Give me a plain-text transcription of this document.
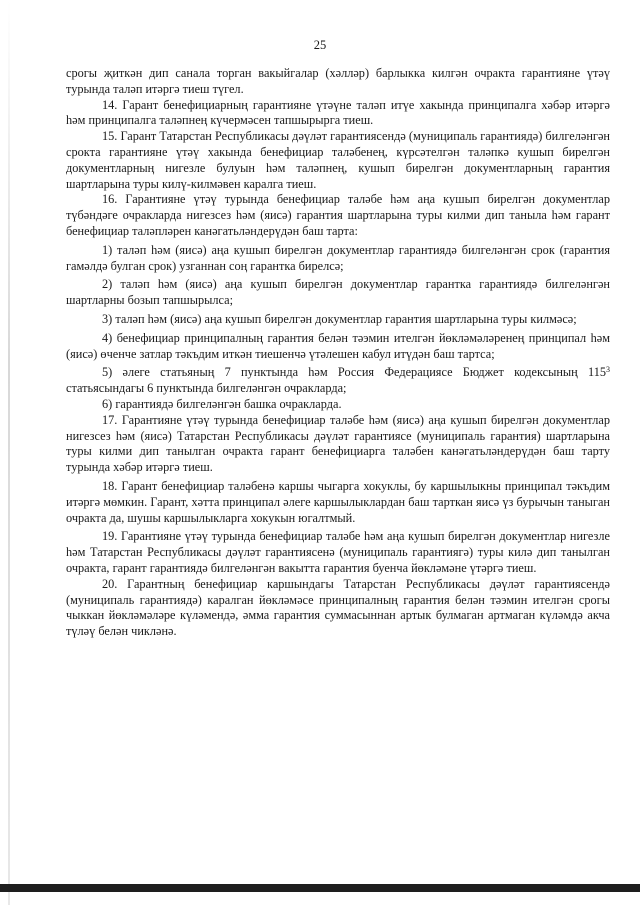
25

срогы җиткән дип санала торган вакыйгалар (хәлләр) барлыкка килгән очракта гарантияне үтәү турында таләп итәргә тиеш түгел.

14. Гарант бенефициарның гарантияне үтәүне таләп итүе хакында принципалга хәбәр итәргә һәм принципалга таләпнең күчермәсен тапшырырга тиеш.

15. Гарант Татарстан Республикасы дәүләт гарантиясендә (муниципаль гарантиядә) билгеләнгән срокта гарантияне үтәү хакында бенефициар таләбенең, күрсәтелгән таләпкә кушып бирелгән документларның нигезле булуын һәм таләпнең, кушып бирелгән документларның гарантия шартларына туры килү-килмәвен каралга тиеш.

16. Гарантияне үтәү турында бенефициар таләбе һәм аңа кушып бирелгән документлар түбәндәге очракларда нигезсез һәм (яисә) гарантия шартларына туры килми дип танылa һәм гарант бенефициар таләпләрен канәгатьләндерүдән баш тарта:

1) таләп һәм (яисә) аңа кушып бирелгән документлар гарантиядә билгеләнгән срок (гарантия гамәлдә булган срок) узганнан соң гарантка бирелсә;

2) таләп һәм (яисә) аңа кушып бирелгән документлар гарантка гарантиядә билгеләнгән шартларны бозып тапшырылса;

3) таләп һәм (яисә) аңа кушып бирелгән документлар гарантия шартларына туры килмәсә;

4) бенефициар принципалның гарантия белән тәэмин ителгән йөкләмәләренең принципал һәм (яисә) өченче затлар тәкъдим иткән тиешенчә үтәлешен кабул итүдән баш тартса;

5) әлеге статьяның 7 пунктында һәм Россия Федерациясе Бюджет кодексының $115^3$ статьясындагы 6 пунктында билгеләнгән очракларда;

6) гарантиядә билгеләнгән башка очракларда.

17. Гарантияне үтәү турында бенефициар таләбе һәм (яисә) аңа кушып бирелгән документлар нигезсез һәм (яисә) Татарстан Республикасы дәүләт гарантиясе (муниципаль гарантия) шартларына туры килми дип танылган очракта гарант бенефициарга таләбен канәгатьләндерүдән баш тарту турында хәбәр итәргә тиеш.

18. Гарант бенефициар таләбенә каршы чыгарга хокуклы, бу каршылыкны принципал тәкъдим итәргә мөмкин. Гарант, хәтта принципал әлеге каршылыклардан баш тарткан яисә үз бурычын таныган очракта да, шушы каршылыкларга хокукын югалтмый.

19. Гарантияне үтәү турында бенефициар таләбе һәм аңа кушып бирелгән документлар нигезле һәм Татарстан Республикасы дәүләт гарантиясенә (муниципаль гарантиягә) туры килә дип танылган очракта, гарант гарантиядә билгеләнгән вакытта гарантия буенча йөкләмәне үтәргә тиеш.

20. Гарантның бенефициар каршындагы Татарстан Республикасы дәүләт гарантиясендә (муниципаль гарантиядә) каралган йөкләмәсе принципалның гарантия белән тәэмин ителгән срогы чыккан йөкләмәләре күләмендә, әмма гарантия суммасыннан артык булмаган артмаган күләмдә акча түләү белән чикләнә.
